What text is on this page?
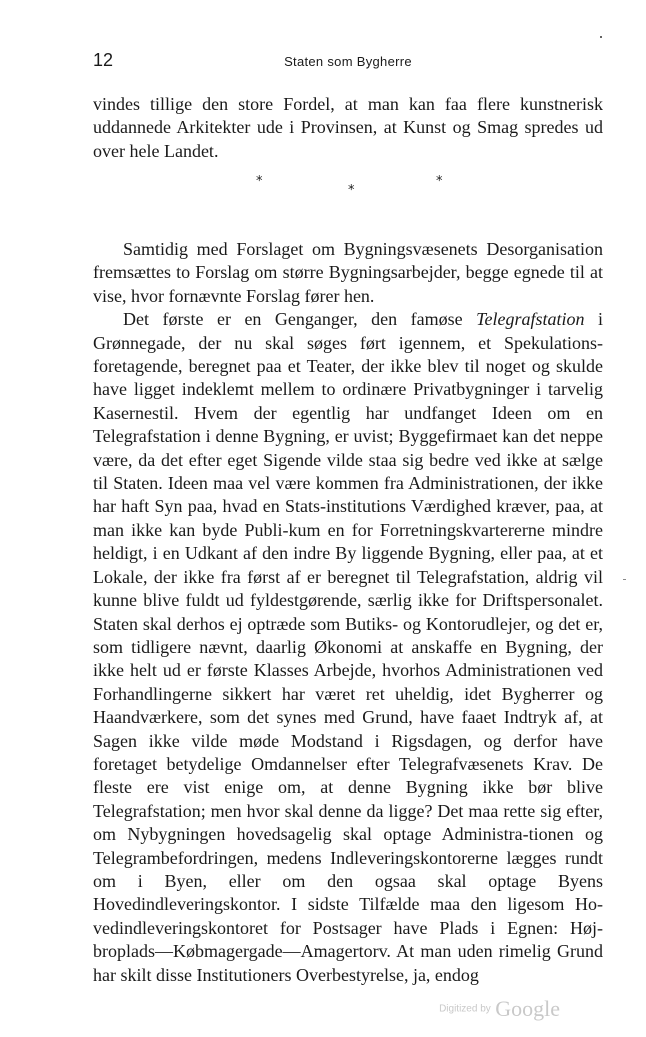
12	Staten som Bygherre

vindes tillige den store Fordel, at man kan faa flere kunstnerisk uddannede Arkitekter ude i Provinsen, at Kunst og Smag spredes ud over hele Landet.

*
*
*

Samtidig med Forslaget om Bygningsvæsenets Desorganisation fremsættes to Forslag om større Bygningsarbejder, begge egnede til at vise, hvor fornævnte Forslag fører hen.

Det første er en Genganger, den famøse Telegrafstation i Grønnegade, der nu skal søges ført igennem, et Spekulations-foretagende, beregnet paa et Teater, der ikke blev til noget og skulde have ligget indeklemt mellem to ordinære Privatbygninger i tarvelig Kasernestil. Hvem der egentlig har undfanget Ideen om en Telegrafstation i denne Bygning, er uvist; Byggefirmaet kan det neppe være, da det efter eget Sigende vilde staa sig bedre ved ikke at sælge til Staten. Ideen maa vel være kommen fra Administrationen, der ikke har haft Syn paa, hvad en Stats-institutions Værdighed kræver, paa, at man ikke kan byde Publi-kum en for Forretningskvartererne mindre heldigt, i en Udkant af den indre By liggende Bygning, eller paa, at et Lokale, der ikke fra først af er beregnet til Telegrafstation, aldrig vil kunne blive fuldt ud fyldestgørende, særlig ikke for Driftspersonalet. Staten skal derhos ej optræde som Butiks- og Kontorudlejer, og det er, som tidligere nævnt, daarlig Økonomi at anskaffe en Bygning, der ikke helt ud er første Klasses Arbejde, hvorhos Administrationen ved Forhandlingerne sikkert har været ret uheldig, idet Bygherrer og Haandværkere, som det synes med Grund, have faaet Indtryk af, at Sagen ikke vilde møde Modstand i Rigsdagen, og derfor have foretaget betydelige Omdannelser efter Telegrafvæsenets Krav. De fleste ere vist enige om, at denne Bygning ikke bør blive Telegrafstation; men hvor skal denne da ligge? Det maa rette sig efter, om Nybygningen hovedsagelig skal optage Administra-tionen og Telegrambefordringen, medens Indleveringskontorerne lægges rundt om i Byen, eller om den ogsaa skal optage Byens Hovedindleveringskontor. I sidste Tilfælde maa den ligesom Ho-vedindleveringskontoret for Postsager have Plads i Egnen: Høj-broplads—Købmagergade—Amagertorv. At man uden rimelig Grund har skilt disse Institutioners Overbestyrelse, ja, endog

Digitized by Google
